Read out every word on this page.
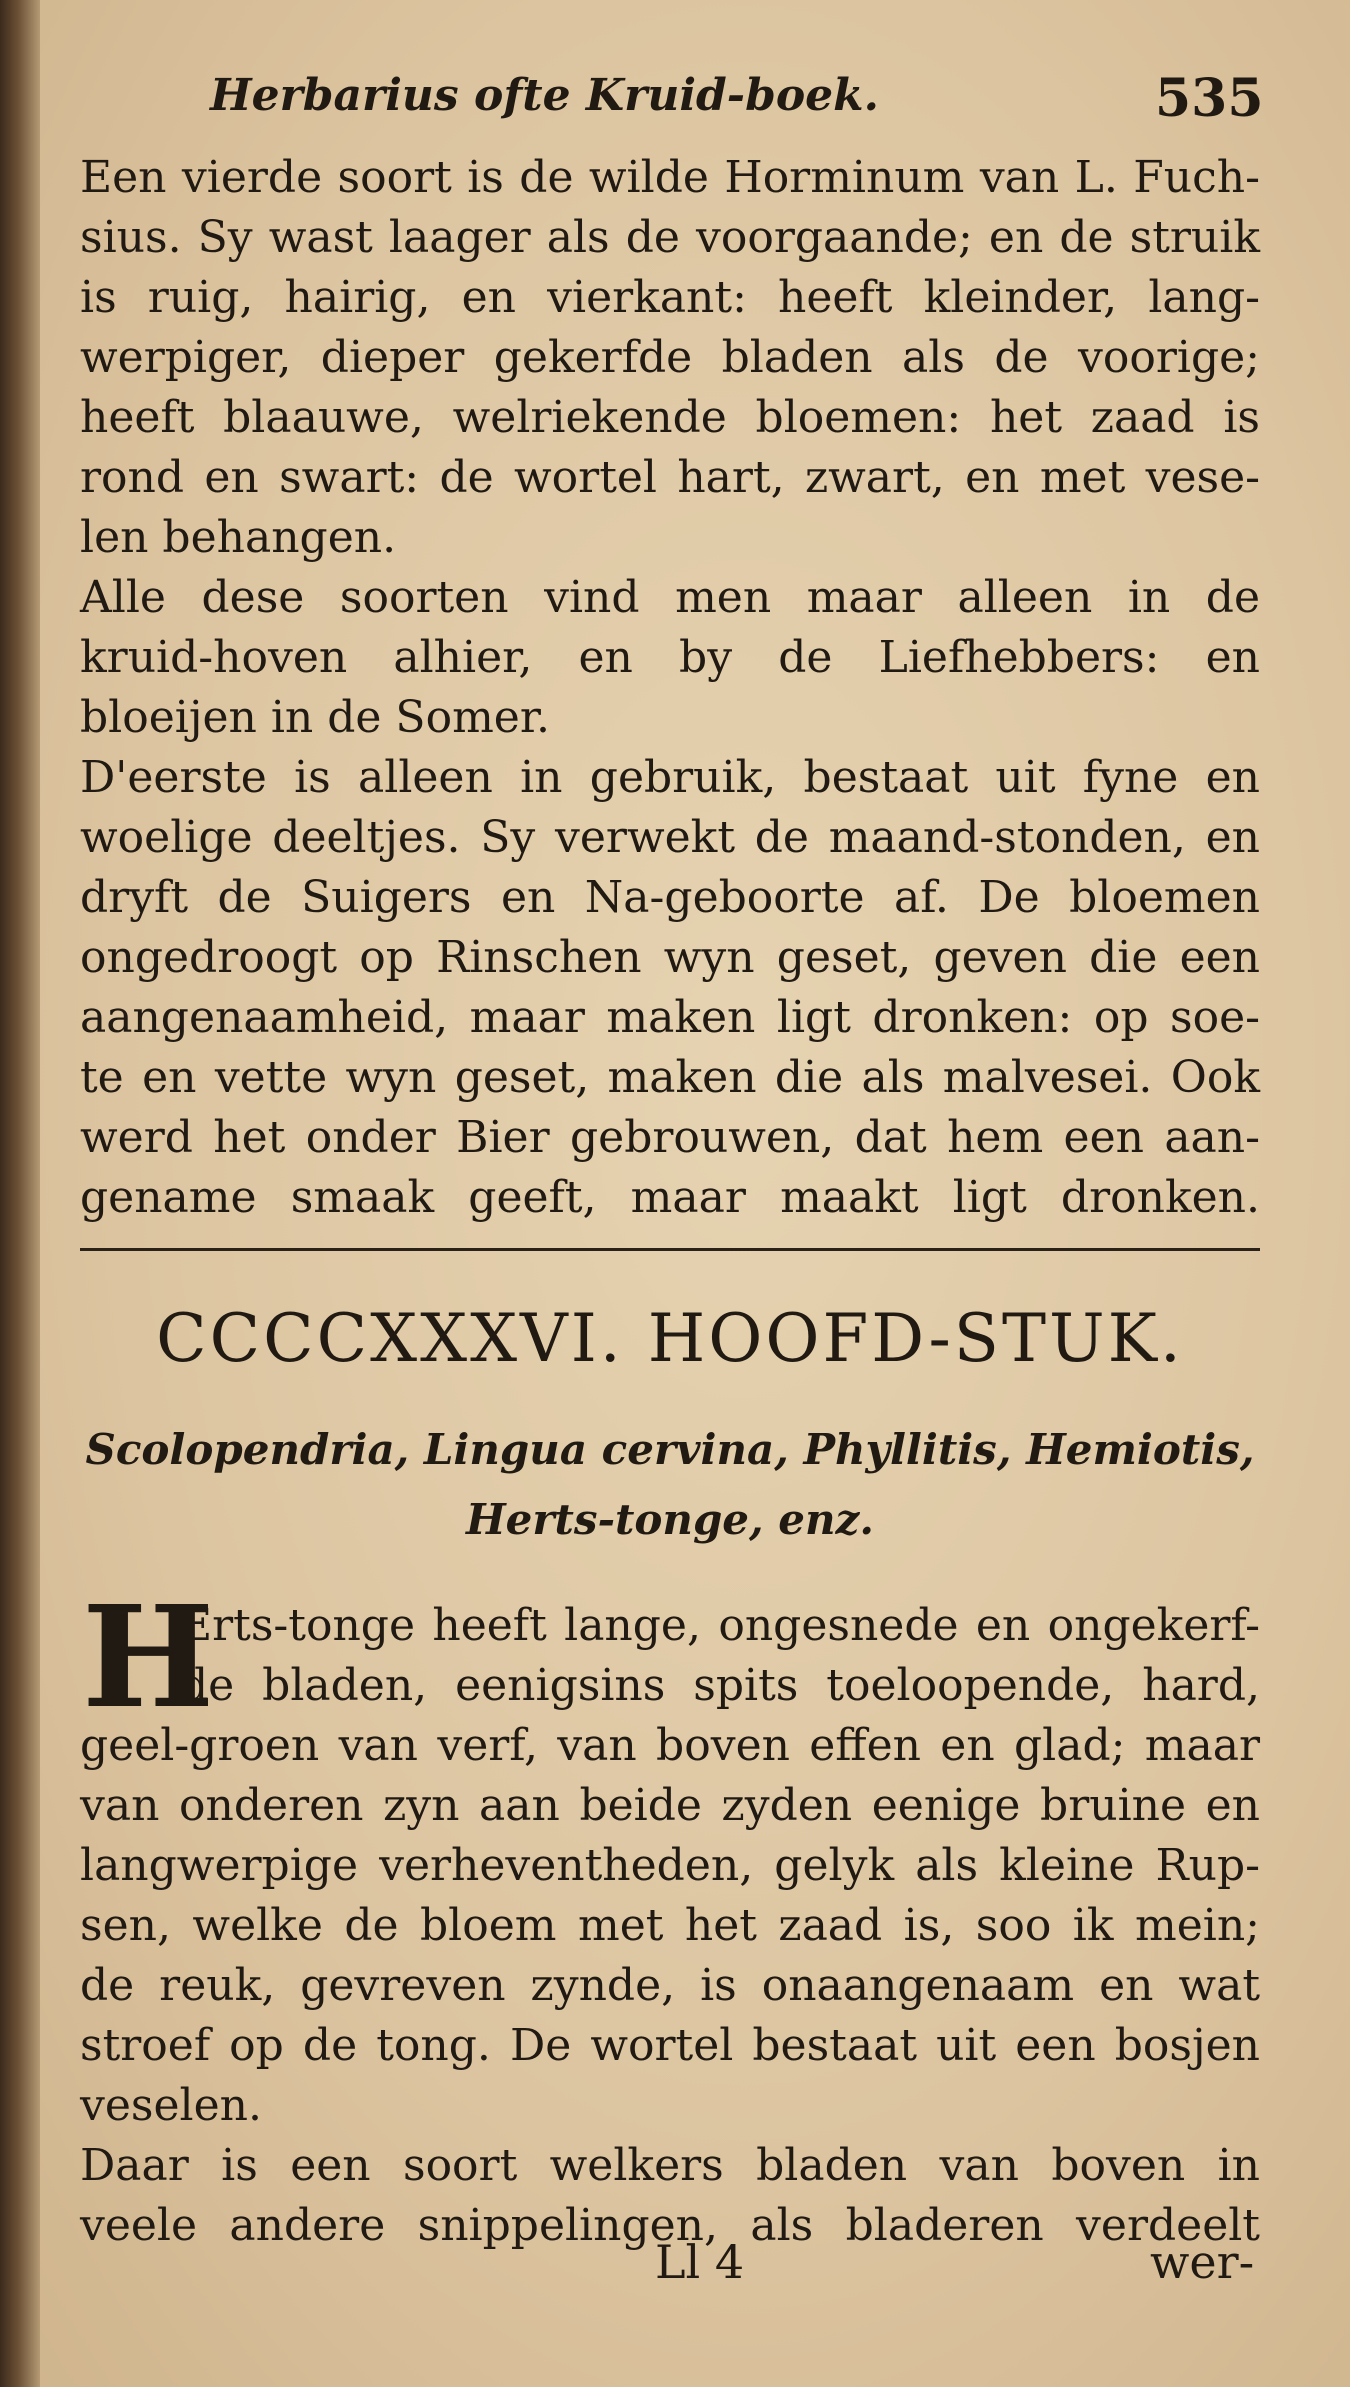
Herbarius ofte Kruid-boek.	535
Een vierde soort is de wilde Horminum van L. Fuch-
sius. Sy wast laager als de voorgaande; en de struik
is ruig, hairig, en vierkant: heeft kleinder, lang-
werpiger, dieper gekerfde bladen als de voorige;
heeft blaauwe, welriekende bloemen: het zaad is
rond en swart: de wortel hart, zwart, en met vese-
len behangen.
Alle dese soorten vind men maar alleen in de
kruid-hoven alhier, en by de Liefhebbers: en
bloeijen in de Somer.
D'eerste is alleen in gebruik, bestaat uit fyne en
woelige deeltjes. Sy verwekt de maand-stonden, en
dryft de Suigers en Na-geboorte af. De bloemen
ongedroogt op Rinschen wyn geset, geven die een
aangenaamheid, maar maken ligt dronken: op soe-
te en vette wyn geset, maken die als malvesei. Ook
werd het onder Bier gebrouwen, dat hem een aan-
gename smaak geeft, maar maakt ligt dronken.
CCCCXXXVI. HOOFD-STUK.
Scolopendria, Lingua cervina, Phyllitis, Hemiotis,
Herts-tonge, enz.
H
Erts-tonge heeft lange, ongesnede en ongekerf-
de bladen, eenigsins spits toeloopende, hard,
geel-groen van verf, van boven effen en glad; maar
van onderen zyn aan beide zyden eenige bruine en
langwerpige verheventheden, gelyk als kleine Rup-
sen, welke de bloem met het zaad is, soo ik mein;
de reuk, gevreven zynde, is onaangenaam en wat
stroef op de tong. De wortel bestaat uit een bosjen
veselen.
Daar is een soort welkers bladen van boven in
veele andere snippelingen, als bladeren verdeelt
Ll 4	wer-
